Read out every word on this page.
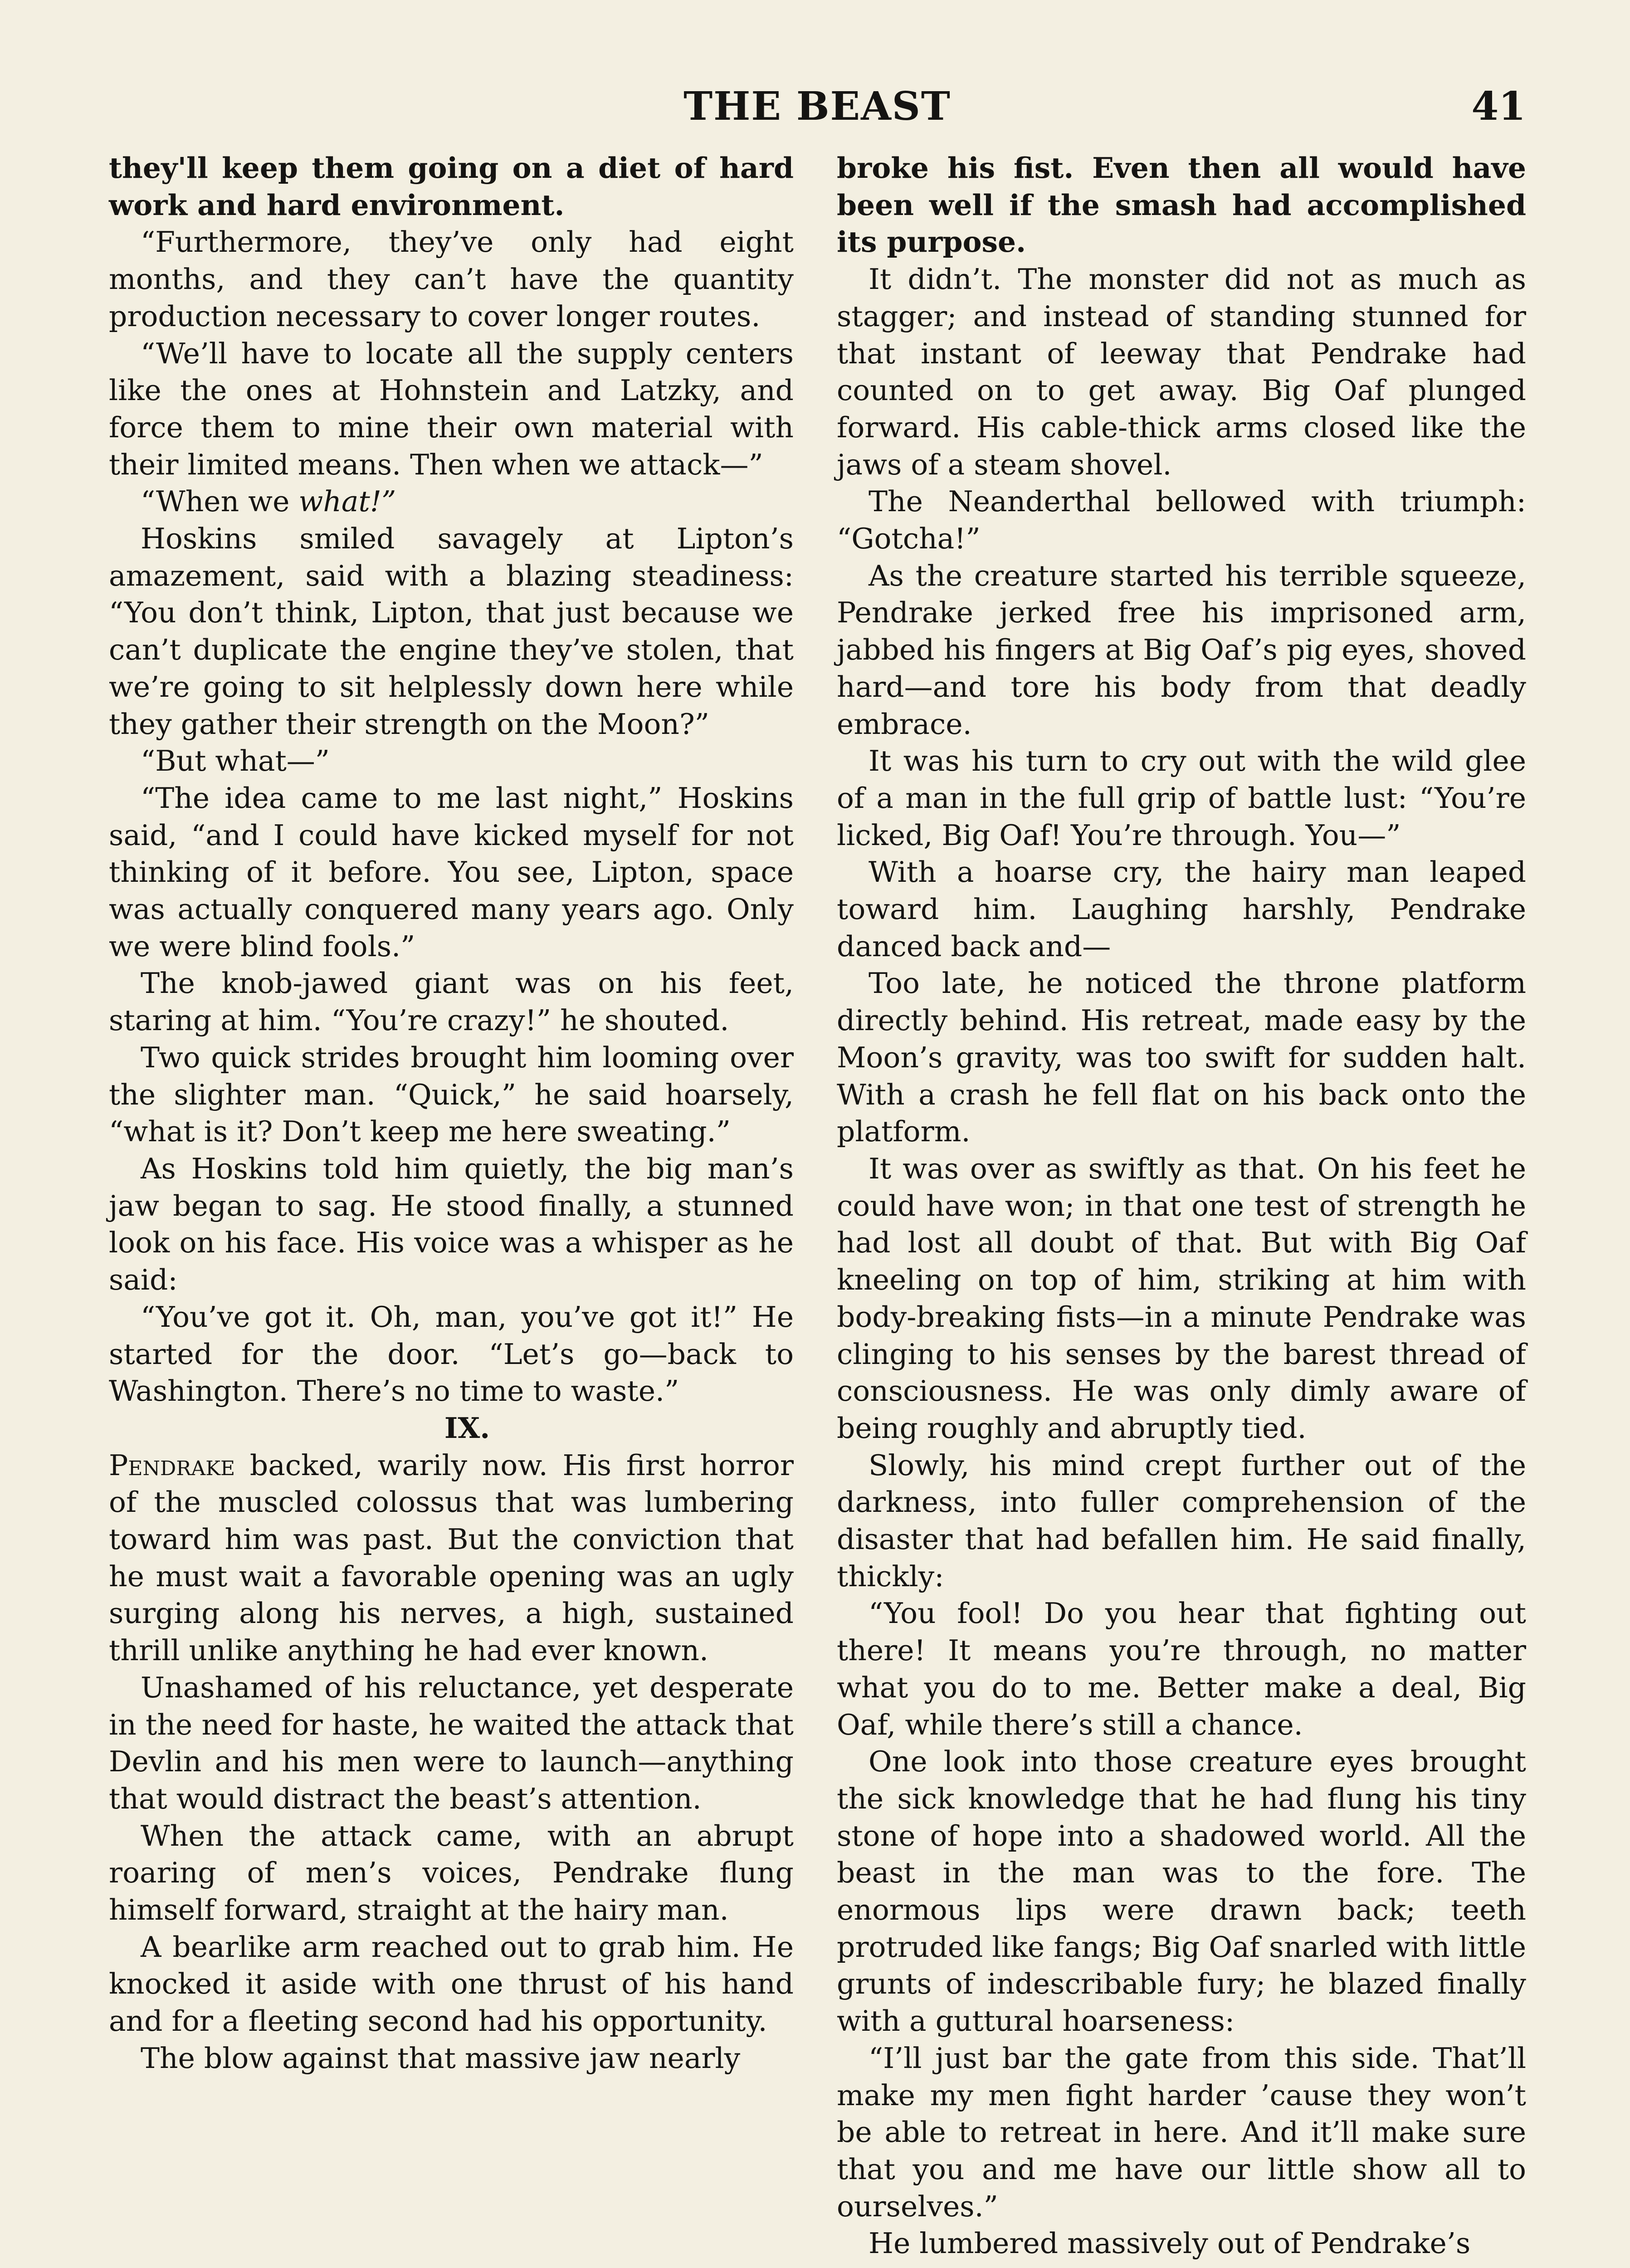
THE BEAST	41

they'll keep them going on a diet of hard work and hard environment.

“Furthermore, they’ve only had eight months, and they can’t have the quantity production necessary to cover longer routes.

“We’ll have to locate all the supply centers like the ones at Hohnstein and Latzky, and force them to mine their own material with their limited means. Then when we attack—”

“When we what!”

Hoskins smiled savagely at Lipton’s amazement, said with a blazing steadiness: “You don’t think, Lipton, that just because we can’t duplicate the engine they’ve stolen, that we’re going to sit helplessly down here while they gather their strength on the Moon?”

“But what—”

“The idea came to me last night,” Hoskins said, “and I could have kicked myself for not thinking of it before. You see, Lipton, space was actually conquered many years ago. Only we were blind fools.”

The knob-jawed giant was on his feet, staring at him. “You’re crazy!” he shouted.

Two quick strides brought him looming over the slighter man. “Quick,” he said hoarsely, “what is it? Don’t keep me here sweating.”

As Hoskins told him quietly, the big man’s jaw began to sag. He stood finally, a stunned look on his face. His voice was a whisper as he said:

“You’ve got it. Oh, man, you’ve got it!” He started for the door. “Let’s go—back to Washington. There’s no time to waste.”

IX.

Pendrake backed, warily now. His first horror of the muscled colossus that was lumbering toward him was past. But the conviction that he must wait a favorable opening was an ugly surging along his nerves, a high, sustained thrill unlike anything he had ever known.

Unashamed of his reluctance, yet desperate in the need for haste, he waited the attack that Devlin and his men were to launch—anything that would distract the beast’s attention.

When the attack came, with an abrupt roaring of men’s voices, Pendrake flung himself forward, straight at the hairy man.

A bearlike arm reached out to grab him. He knocked it aside with one thrust of his hand and for a fleeting second had his opportunity.

The blow against that massive jaw nearly

broke his fist. Even then all would have been well if the smash had accomplished its purpose.

It didn’t. The monster did not as much as stagger; and instead of standing stunned for that instant of leeway that Pendrake had counted on to get away. Big Oaf plunged forward. His cable-thick arms closed like the jaws of a steam shovel.

The Neanderthal bellowed with triumph: “Gotcha!”

As the creature started his terrible squeeze, Pendrake jerked free his imprisoned arm, jabbed his fingers at Big Oaf’s pig eyes, shoved hard—and tore his body from that deadly embrace.

It was his turn to cry out with the wild glee of a man in the full grip of battle lust: “You’re licked, Big Oaf! You’re through. You—”

With a hoarse cry, the hairy man leaped toward him. Laughing harshly, Pendrake danced back and—

Too late, he noticed the throne platform directly behind. His retreat, made easy by the Moon’s gravity, was too swift for sudden halt. With a crash he fell flat on his back onto the platform.

It was over as swiftly as that. On his feet he could have won; in that one test of strength he had lost all doubt of that. But with Big Oaf kneeling on top of him, striking at him with body-breaking fists—in a minute Pendrake was clinging to his senses by the barest thread of consciousness. He was only dimly aware of being roughly and abruptly tied.

Slowly, his mind crept further out of the darkness, into fuller comprehension of the disaster that had befallen him. He said finally, thickly:

“You fool! Do you hear that fighting out there! It means you’re through, no matter what you do to me. Better make a deal, Big Oaf, while there’s still a chance.

One look into those creature eyes brought the sick knowledge that he had flung his tiny stone of hope into a shadowed world. All the beast in the man was to the fore. The enormous lips were drawn back; teeth protruded like fangs; Big Oaf snarled with little grunts of indescribable fury; he blazed finally with a guttural hoarseness:

“I’ll just bar the gate from this side. That’ll make my men fight harder ’cause they won’t be able to retreat in here. And it’ll make sure that you and me have our little show all to ourselves.”

He lumbered massively out of Pendrake’s
